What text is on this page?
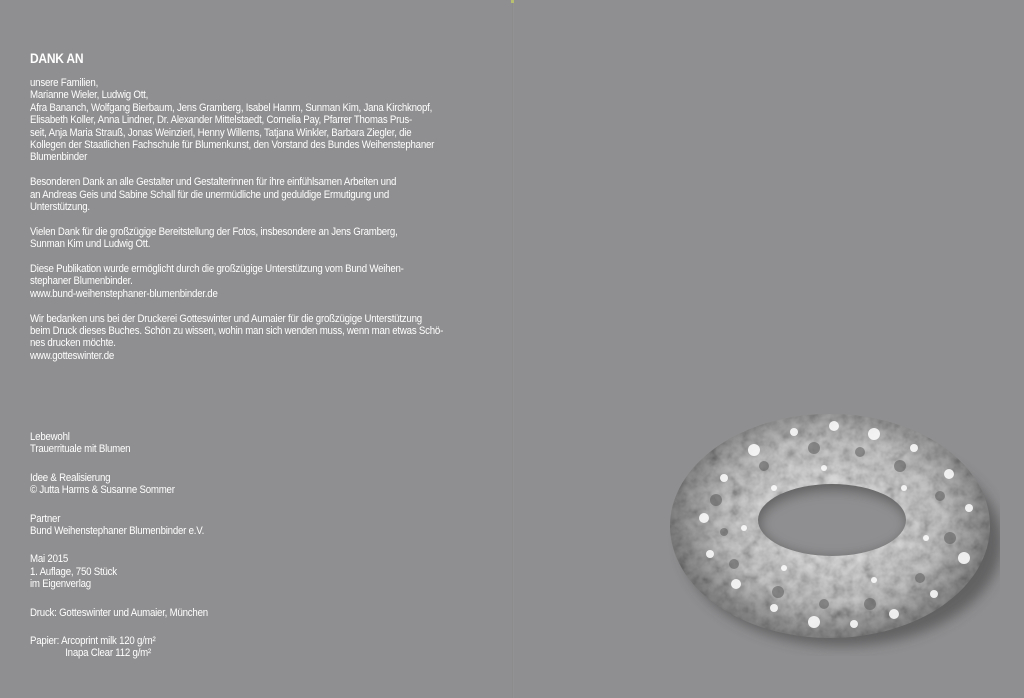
DANK AN

unsere Familien,
Marianne Wieler, Ludwig Ott,
Afra Bananch, Wolfgang Bierbaum, Jens Gramberg, Isabel Hamm, Sunman Kim, Jana Kirchknopf,
Elisabeth Koller, Anna Lindner, Dr. Alexander Mittelstaedt, Cornelia Pay, Pfarrer Thomas Prus-
seit, Anja Maria Strauß, Jonas Weinzierl, Henny Willems, Tatjana Winkler, Barbara Ziegler, die
Kollegen der Staatlichen Fachschule für Blumenkunst, den Vorstand des Bundes Weihenstephaner
Blumenbinder

Besonderen Dank an alle Gestalter und Gestalterinnen für ihre einfühlsamen Arbeiten und
an Andreas Geis und Sabine Schall für die unermüdliche und geduldige Ermutigung und
Unterstützung.

Vielen Dank für die großzügige Bereitstellung der Fotos, insbesondere an Jens Gramberg,
Sunman Kim und Ludwig Ott.

Diese Publikation wurde ermöglicht durch die großzügige Unterstützung vom Bund Weihen-
stephaner Blumenbinder.
www.bund-weihenstephaner-blumenbinder.de

Wir bedanken uns bei der Druckerei Gotteswinter und Aumaier für die großzügige Unterstützung
beim Druck dieses Buches. Schön zu wissen, wohin man sich wenden muss, wenn man etwas Schö-
nes drucken möchte.
www.gotteswinter.de

Lebewohl
Trauerrituale mit Blumen
Idee & Realisierung
© Jutta Harms & Susanne Sommer
Partner
Bund Weihenstephaner Blumenbinder e.V.
Mai 2015
1. Auflage, 750 Stück
im Eigenverlag
Druck: Gotteswinter und Aumaier, München
Papier: Arcoprint milk 120 g/m²
Inapa Clear 112 g/m²
